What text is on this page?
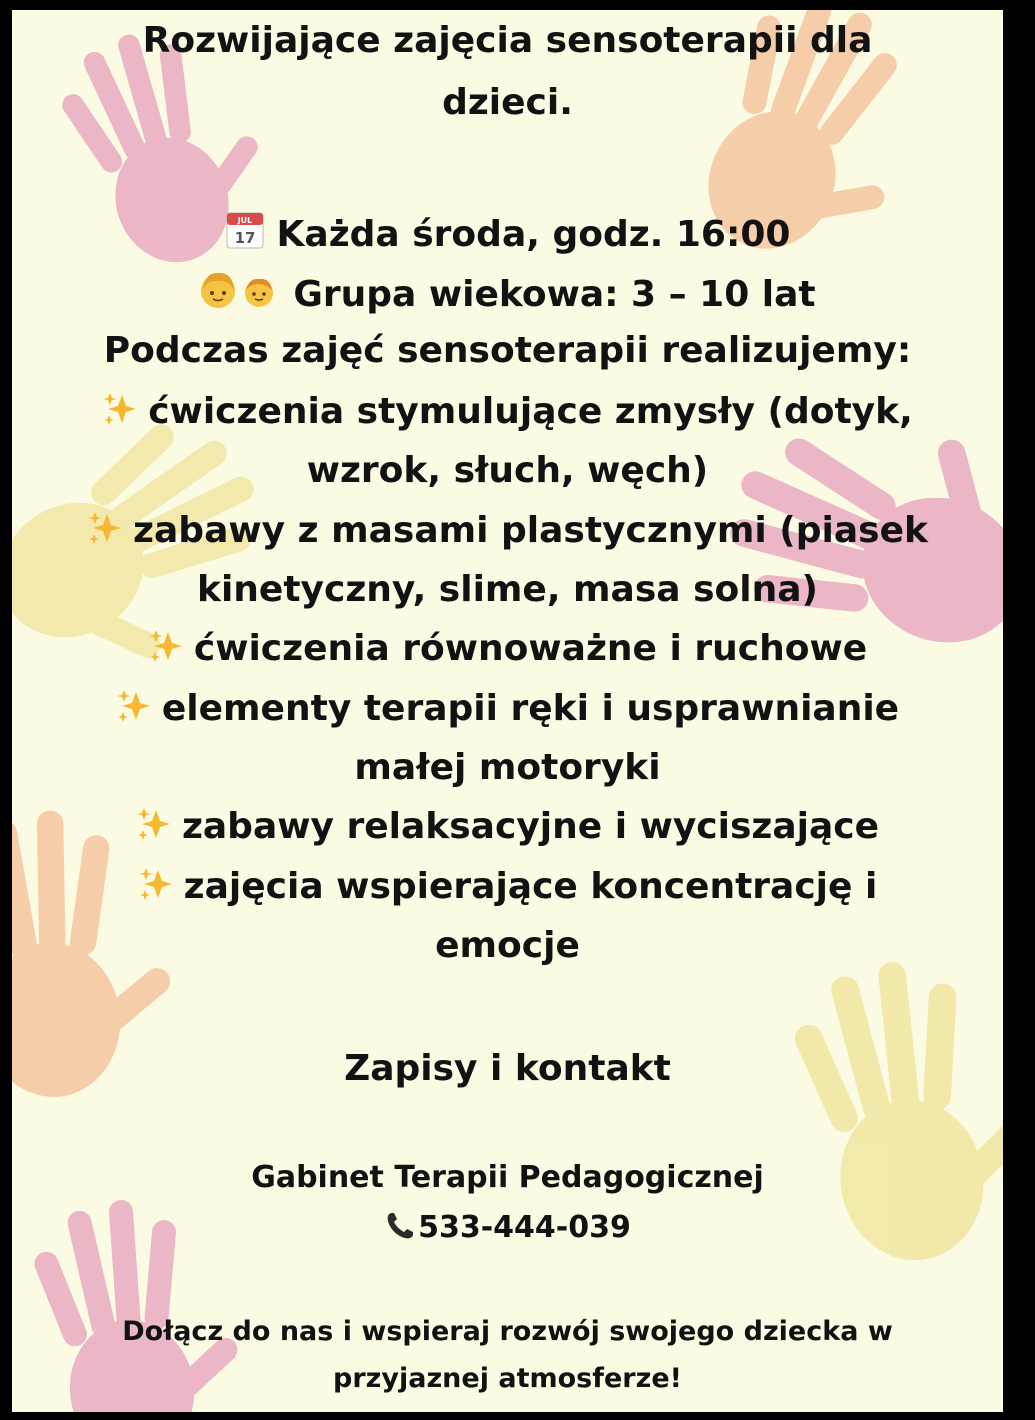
Rozwijające zajęcia sensoterapii dla

dzieci.

JUL
17 Każda środa, godz. 16:00

Grupa wiekowa: 3 – 10 lat

Podczas zajęć sensoterapii realizujemy:

ćwiczenia stymulujące zmysły (dotyk,

wzrok, słuch, węch)

zabawy z masami plastycznymi (piasek

kinetyczny, slime, masa solna)

ćwiczenia równoważne i ruchowe

elementy terapii ręki i usprawnianie

małej motoryki

zabawy relaksacyjne i wyciszające

zajęcia wspierające koncentrację i

emocje

Zapisy i kontakt

Gabinet Terapii Pedagogicznej

533-444-039

Dołącz do nas i wspieraj rozwój swojego dziecka w

przyjaznej atmosferze!
